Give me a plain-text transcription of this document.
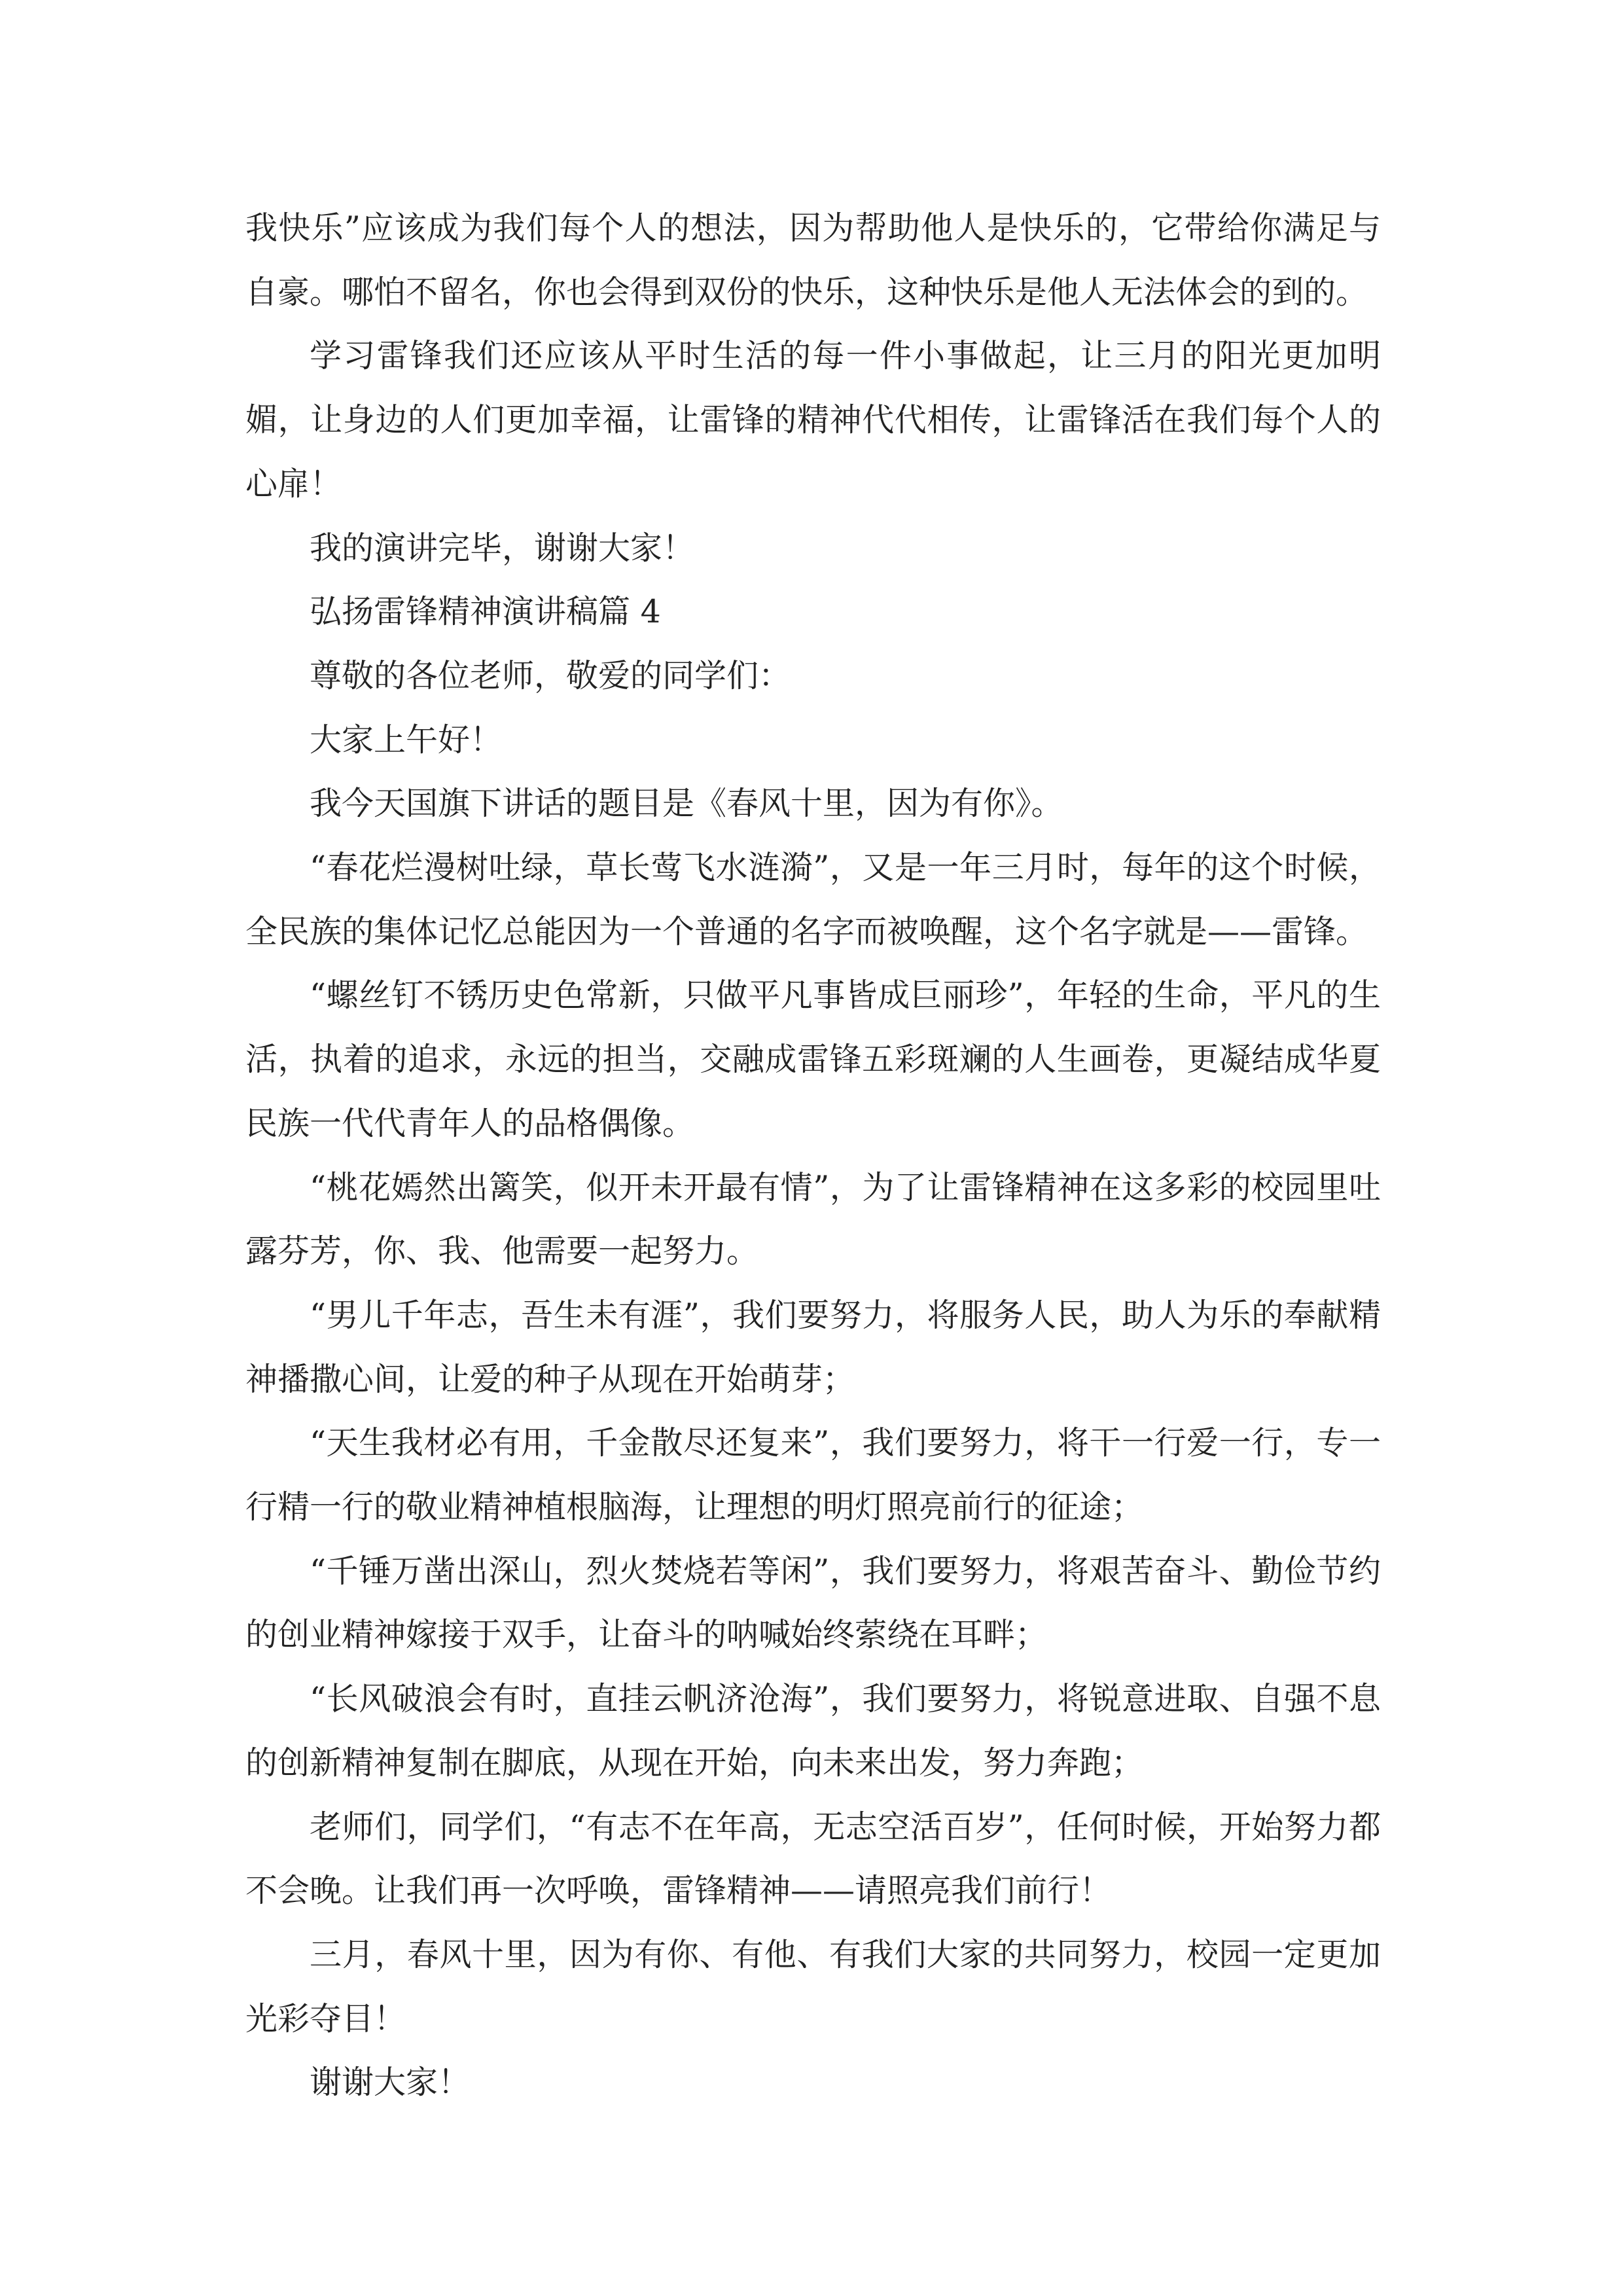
我快乐”应该成为我们每个人的想法，因为帮助他人是快乐的，它带给你满足与自豪。哪怕不留名，你也会得到双份的快乐，这种快乐是他人无法体会的到的。

学习雷锋我们还应该从平时生活的每一件小事做起，让三月的阳光更加明媚，让身边的人们更加幸福，让雷锋的精神代代相传，让雷锋活在我们每个人的心扉！

我的演讲完毕，谢谢大家！

弘扬雷锋精神演讲稿篇 4

尊敬的各位老师，敬爱的同学们：

大家上午好！

我今天国旗下讲话的题目是《春风十里，因为有你》。

“春花烂漫树吐绿，草长莺飞水涟漪”，又是一年三月时，每年的这个时候，全民族的集体记忆总能因为一个普通的名字而被唤醒，这个名字就是——雷锋。

“螺丝钉不锈历史色常新，只做平凡事皆成巨丽珍”，年轻的生命，平凡的生活，执着的追求，永远的担当，交融成雷锋五彩斑斓的人生画卷，更凝结成华夏民族一代代青年人的品格偶像。

“桃花嫣然出篱笑，似开未开最有情”，为了让雷锋精神在这多彩的校园里吐露芬芳，你、我、他需要一起努力。

“男儿千年志，吾生未有涯”，我们要努力，将服务人民，助人为乐的奉献精神播撒心间，让爱的种子从现在开始萌芽；

“天生我材必有用，千金散尽还复来”，我们要努力，将干一行爱一行，专一行精一行的敬业精神植根脑海，让理想的明灯照亮前行的征途；

“千锤万凿出深山，烈火焚烧若等闲”，我们要努力，将艰苦奋斗、勤俭节约的创业精神嫁接于双手，让奋斗的呐喊始终萦绕在耳畔；

“长风破浪会有时，直挂云帆济沧海”，我们要努力，将锐意进取、自强不息的创新精神复制在脚底，从现在开始，向未来出发，努力奔跑；

老师们，同学们，“有志不在年高，无志空活百岁”，任何时候，开始努力都不会晚。让我们再一次呼唤，雷锋精神——请照亮我们前行！

三月，春风十里，因为有你、有他、有我们大家的共同努力，校园一定更加光彩夺目！

谢谢大家！
